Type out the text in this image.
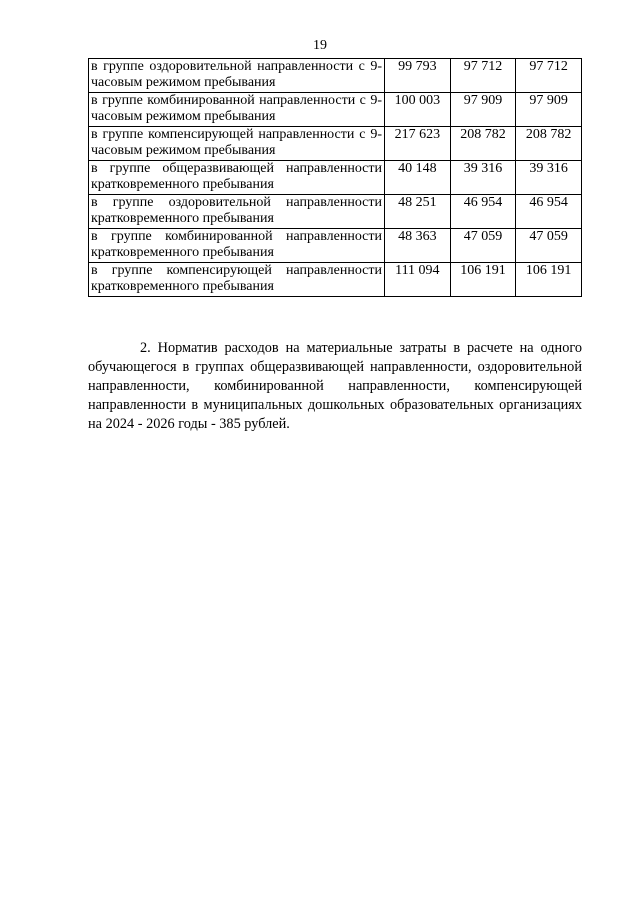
19
в группе оздоровительной направленности с 9-часовым режимом пребывания	99 793	97 712	97 712
в группе комбинированной направленности с 9-часовым режимом пребывания	100 003	97 909	97 909
в группе компенсирующей направленности с 9-часовым режимом пребывания	217 623	208 782	208 782
в группе общеразвивающей направленности кратковременного пребывания	40 148	39 316	39 316
в группе оздоровительной направленности кратковременного пребывания	48 251	46 954	46 954
в группе комбинированной направленности кратковременного пребывания	48 363	47 059	47 059
в группе компенсирующей направленности кратковременного пребывания	111 094	106 191	106 191

2. Норматив расходов на материальные затраты в расчете на одного обучающегося в группах общеразвивающей направленности, оздоровительной направленности, комбинированной направленности, компенсирующей направленности в муниципальных дошкольных образовательных организациях на 2024 - 2026 годы - 385 рублей.
